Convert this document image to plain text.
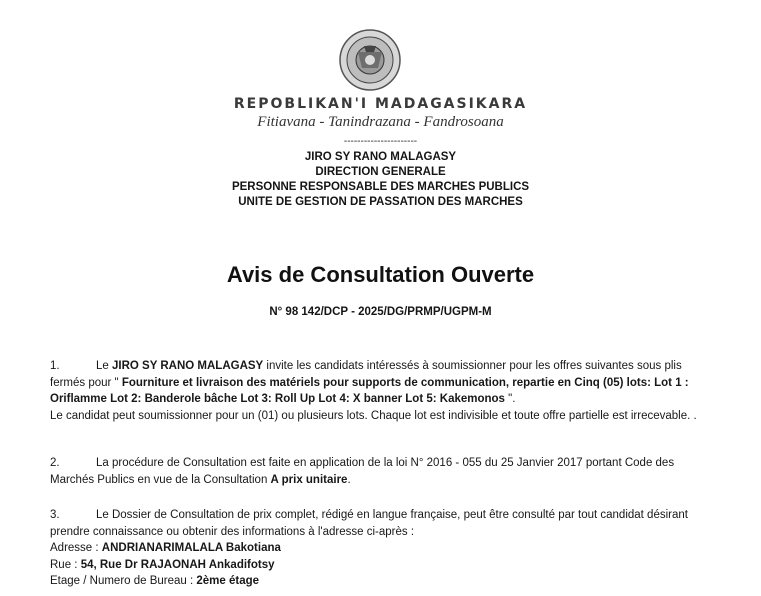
REPOBLIKAN'I MADAGASIKARA
Fitiavana - Tanindrazana - Fandrosoana
----------------------
JIRO SY RANO MALAGASY
DIRECTION GENERALE
PERSONNE RESPONSABLE DES MARCHES PUBLICS
UNITE DE GESTION DE PASSATION DES MARCHES
Avis de Consultation Ouverte
N° 98 142/DCP - 2025/DG/PRMP/UGPM-M
1.	Le JIRO SY RANO MALAGASY invite les candidats intéressés à soumissionner pour les offres suivantes sous plis fermés pour " Fourniture et livraison des matériels pour supports de communication, repartie en Cinq (05) lots: Lot 1 : Oriflamme Lot 2: Banderole bâche Lot 3: Roll Up Lot 4: X banner Lot 5: Kakemonos ".
Le candidat peut soumissionner pour un (01) ou plusieurs lots. Chaque lot est indivisible et toute offre partielle est irrecevable. .
2.	La procédure de Consultation est faite en application de la loi N° 2016 - 055 du 25 Janvier 2017 portant Code des Marchés Publics en vue de la Consultation A prix unitaire.
3.	Le Dossier de Consultation de prix complet, rédigé en langue française, peut être consulté par tout candidat désirant prendre connaissance ou obtenir des informations à l'adresse ci-après :
Adresse : ANDRIANARIMALALA Bakotiana
Rue : 54, Rue Dr RAJAONAH Ankadifotsy
Etage / Numero de Bureau : 2ème étage
